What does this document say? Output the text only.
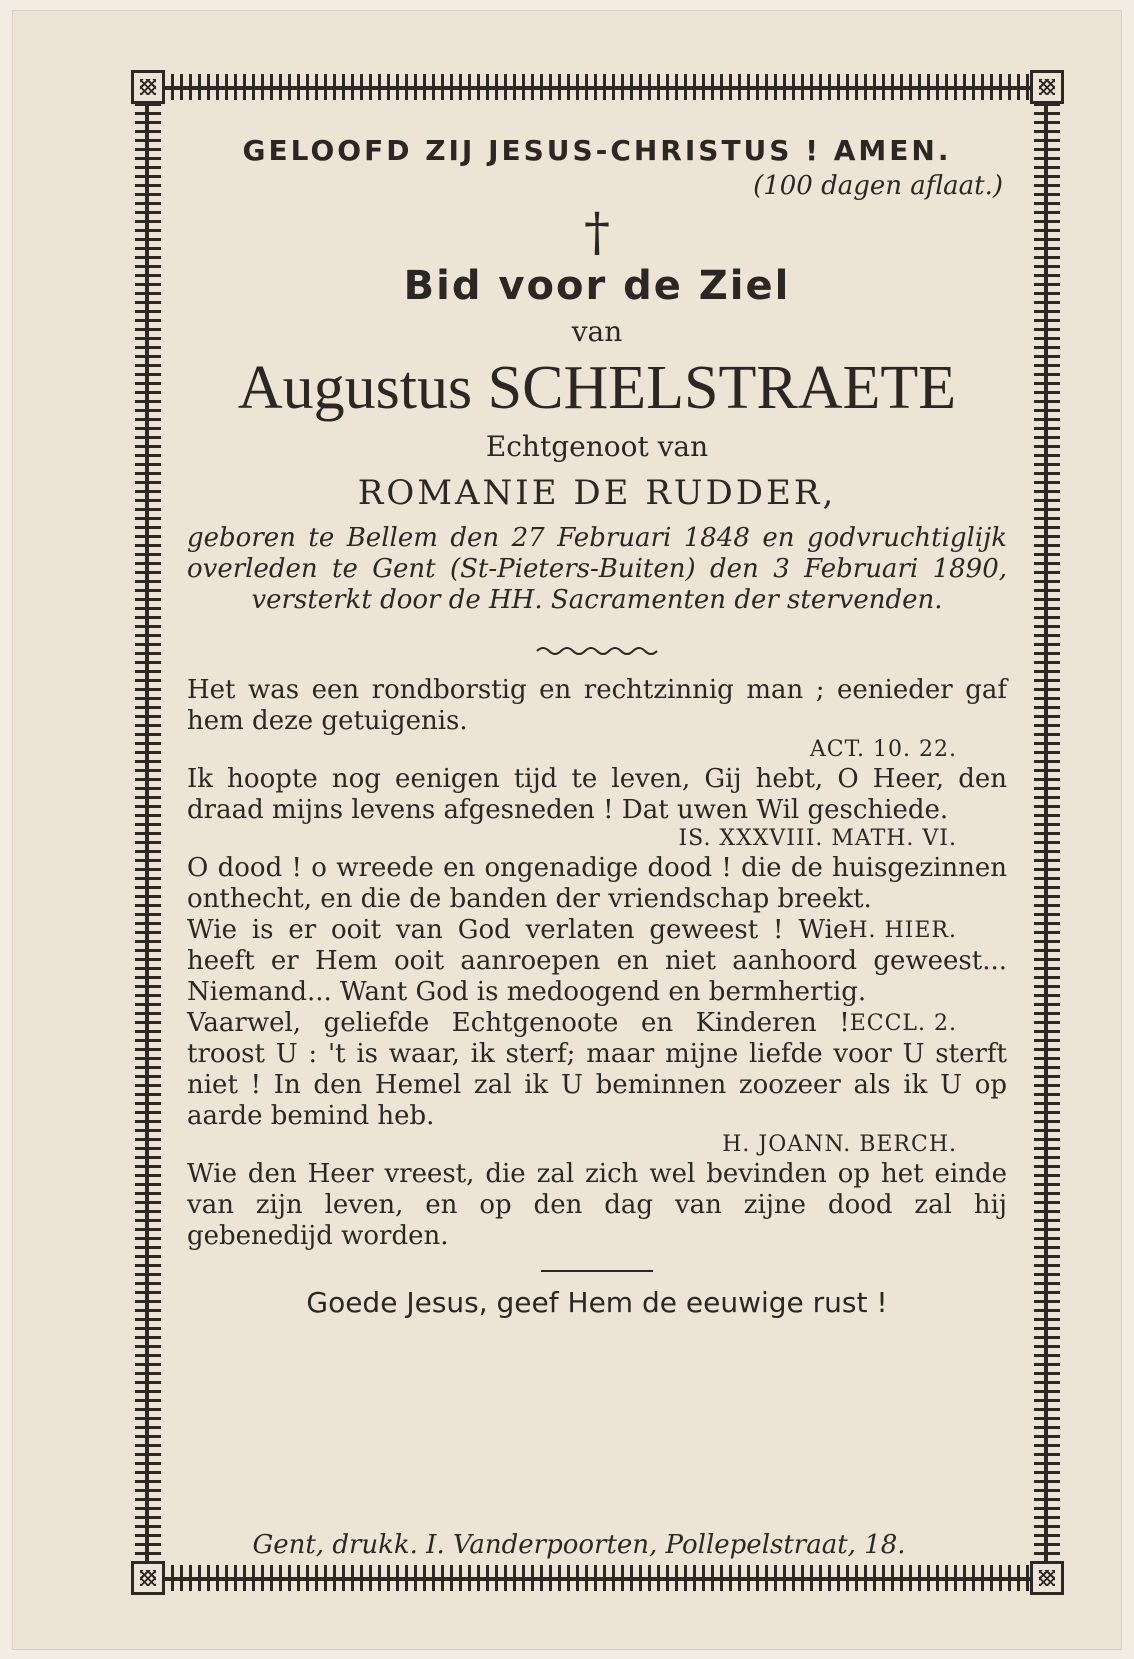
GELOOFD ZIJ JESUS-CHRISTUS ! AMEN.

(100 dagen aflaat.)

†
Bid voor de Ziel
van
Augustus SCHELSTRAETE
Echtgenoot van
ROMANIE DE RUDDER,

geboren te Bellem den 27 Februari 1848 en godvruchtiglijk overleden te Gent (St-Pieters-Buiten) den 3 Februari 1890, versterkt door de HH. Sacramenten der stervenden.

Het was een rondborstig en rechtzinnig man ; eenieder gaf hem deze getuigenis.

ACT. 10. 22.

Ik hoopte nog eenigen tijd te leven, Gij hebt, O Heer, den draad mijns levens afgesneden ! Dat uwen Wil geschiede.

IS. XXXVIII. MATH. VI.

O dood ! o wreede en ongenadige dood ! die de huisgezinnen onthecht, en die de banden der vriendschap breekt.
H. HIER.

Wie is er ooit van God verlaten geweest ! Wie heeft er Hem ooit aanroepen en niet aanhoord geweest... Niemand... Want God is medoogend en bermhertig.
ECCL. 2.

Vaarwel, geliefde Echtgenoote en Kinderen ! troost U : 't is waar, ik sterf; maar mijne liefde voor U sterft niet ! In den Hemel zal ik U beminnen zoozeer als ik U op aarde bemind heb.

H. JOANN. BERCH.

Wie den Heer vreest, die zal zich wel bevinden op het einde van zijn leven, en op den dag van zijne dood zal hij gebenedijd worden.

Goede Jesus, geef Hem de eeuwige rust !
Gent, drukk. I. Vanderpoorten, Pollepelstraat, 18.
